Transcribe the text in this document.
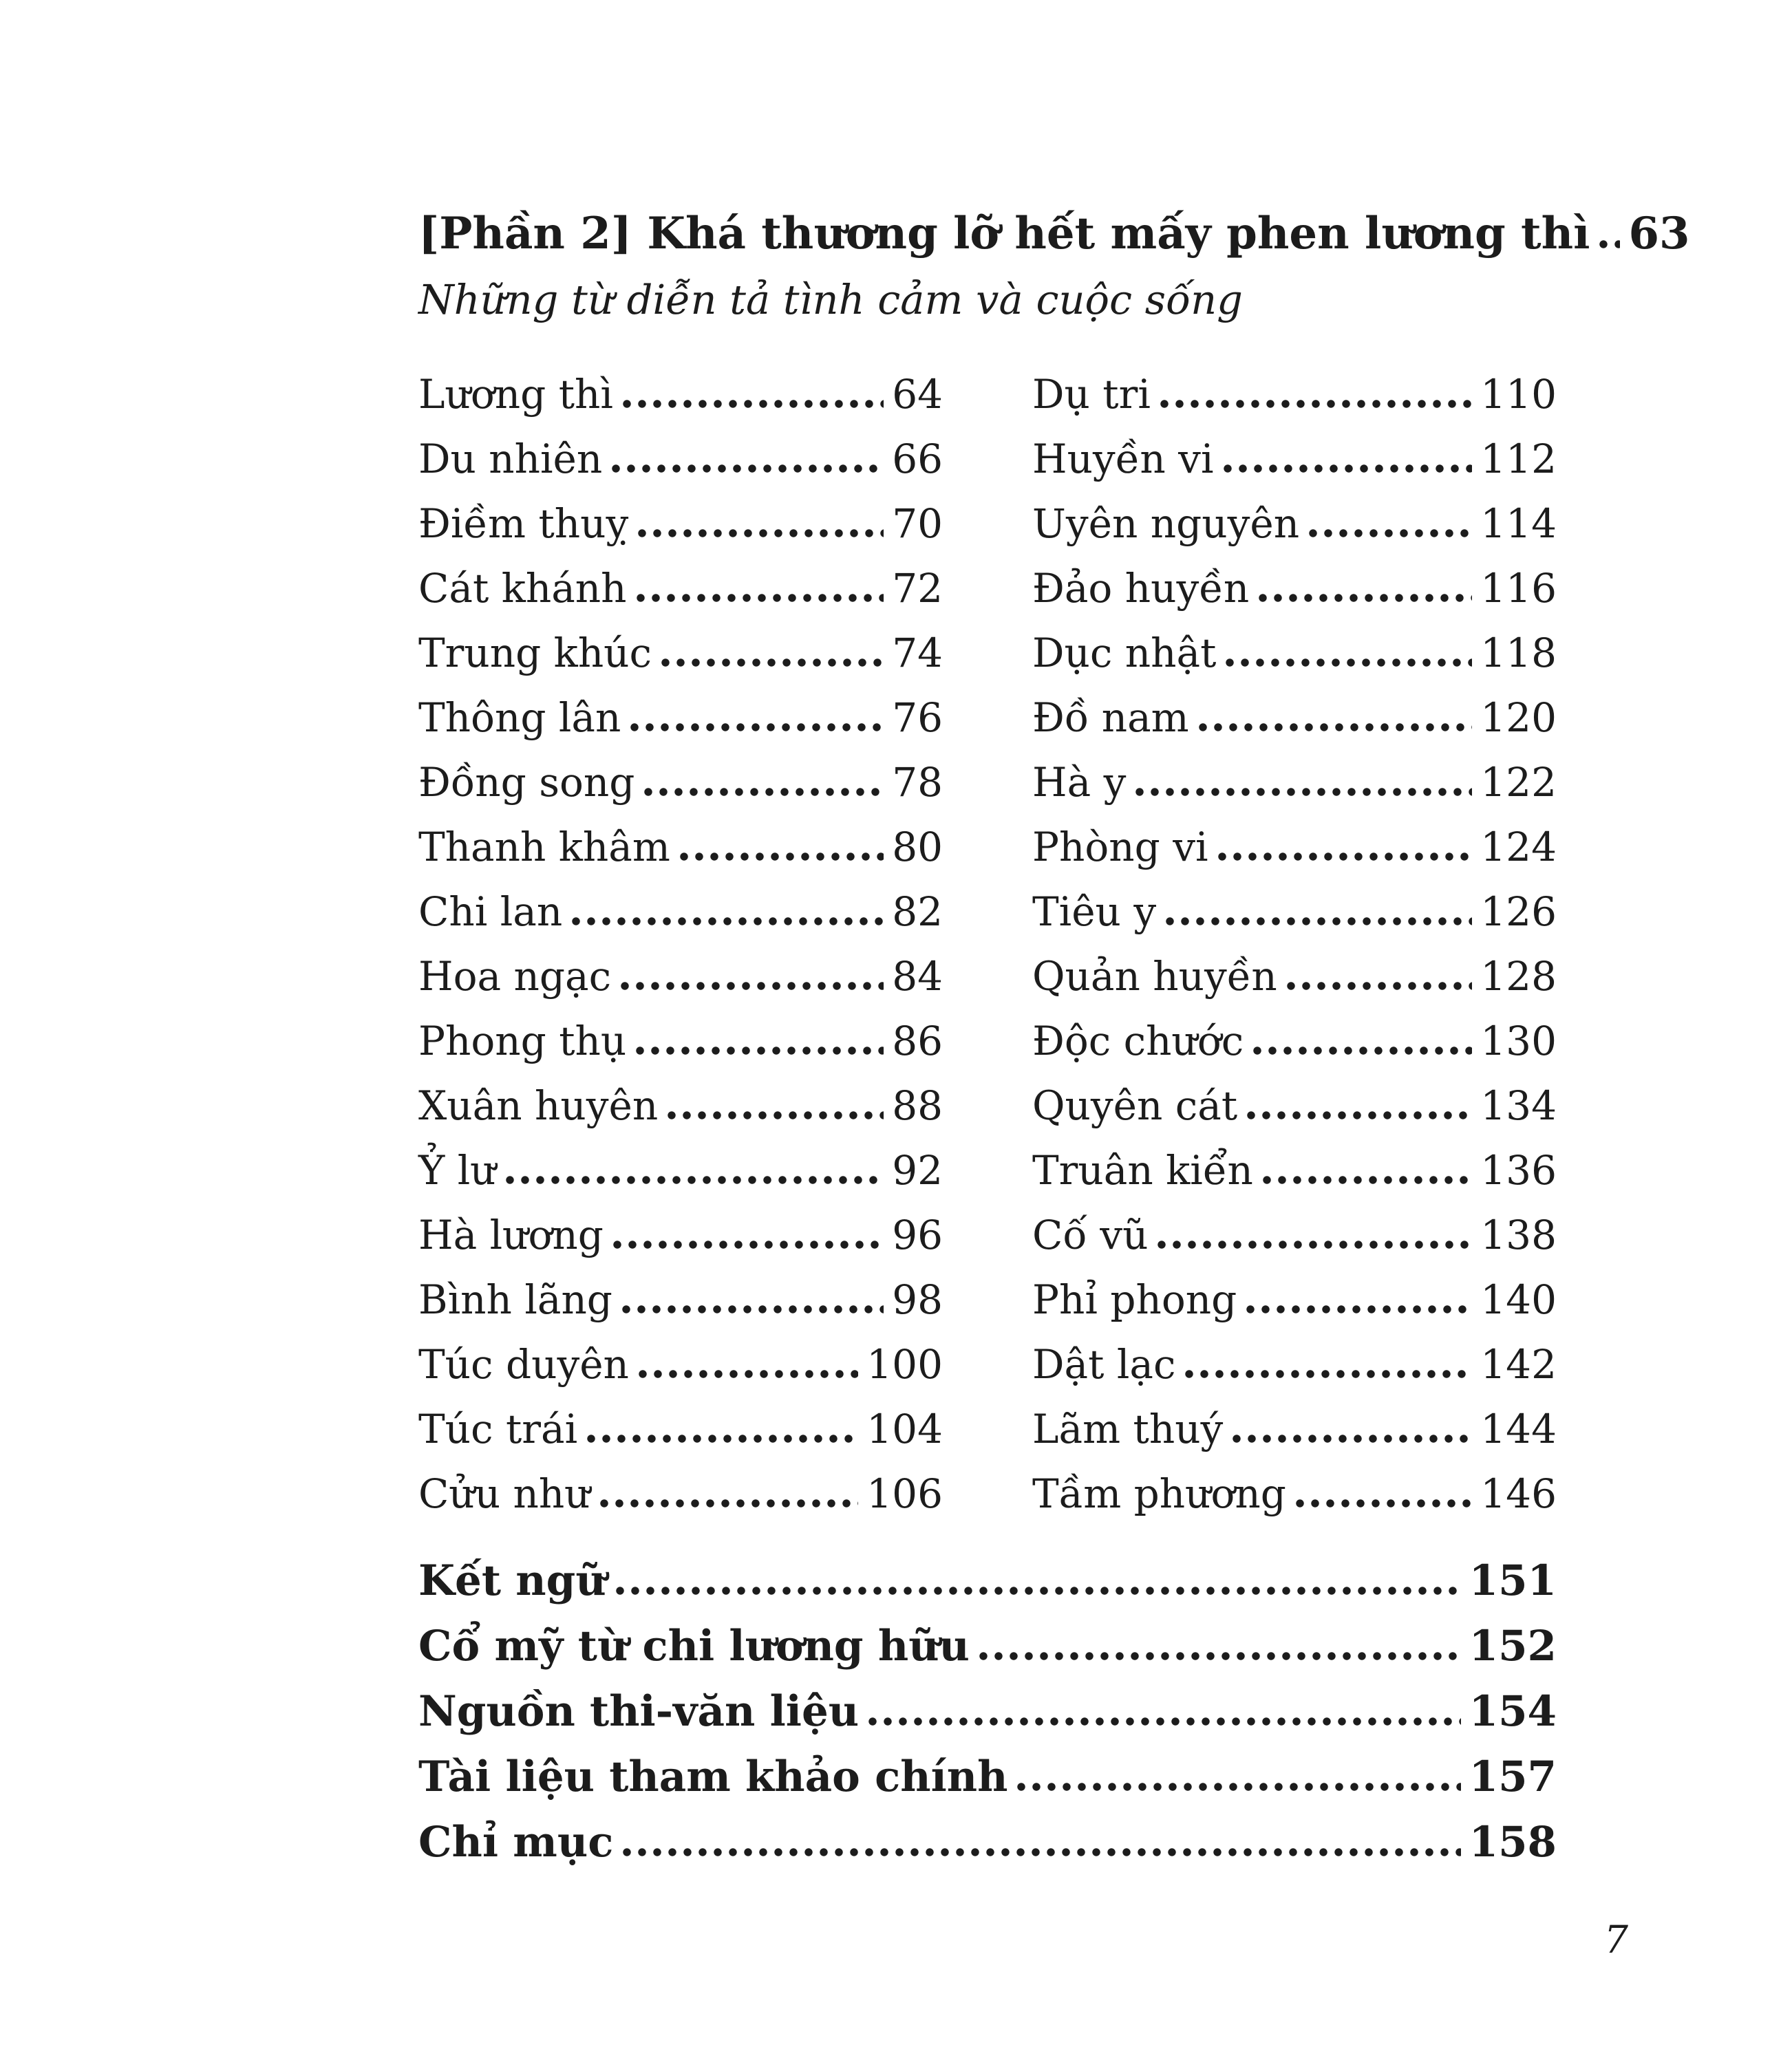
[Phần 2] Khá thương lỡ hết mấy phen lương thì 63
Những từ diễn tả tình cảm và cuộc sống
Lương thì	64
Du nhiên	66
Điềm thuỵ	70
Cát khánh	72
Trung khúc	74
Thông lân	76
Đồng song	78
Thanh khâm	80
Chi lan	82
Hoa ngạc	84
Phong thụ	86
Xuân huyên	88
Ỷ lư	92
Hà lương	96
Bình lãng	98
Túc duyên	100
Túc trái	104
Cửu như	106
Dụ tri	110
Huyền vi	112
Uyên nguyên	114
Đảo huyền	116
Dục nhật	118
Đồ nam	120
Hà y	122
Phòng vi	124
Tiêu y	126
Quản huyền	128
Độc chước	130
Quyên cát	134
Truân kiển	136
Cố vũ	138
Phỉ phong	140
Dật lạc	142
Lãm thuý	144
Tầm phương	146
Kết ngữ	151
Cổ mỹ từ chi lương hữu	152
Nguồn thi-văn liệu	154
Tài liệu tham khảo chính	157
Chỉ mục	158
7
